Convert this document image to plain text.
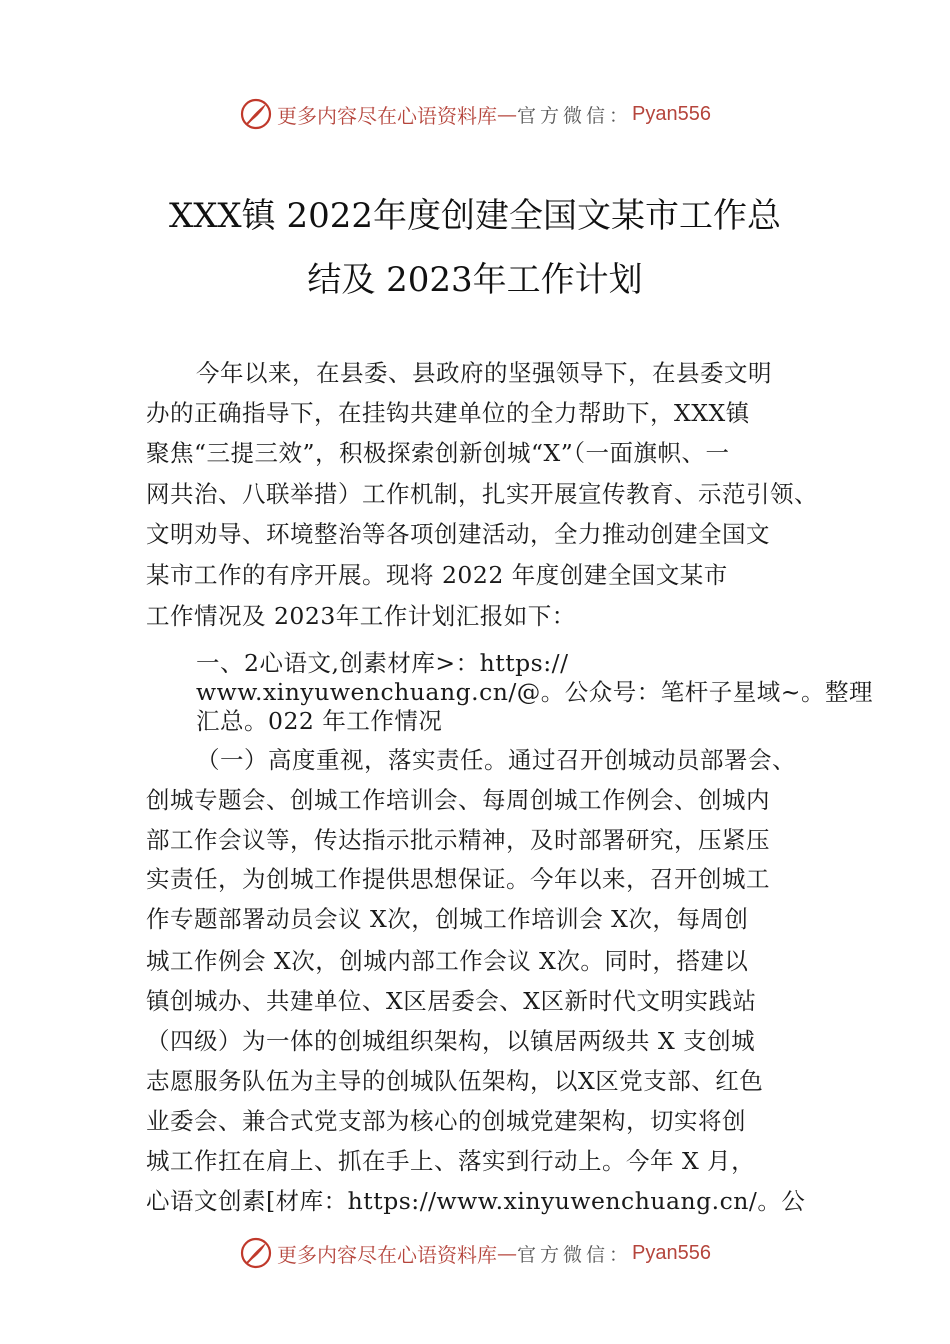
更多内容尽在心语资料库 — 官方微信： Pyan556
XXX镇 2022年度创建全国文某市工作总
结及 2023年工作计划
今年以来，在县委、县政府的坚强领导下，在县委文明
办的正确指导下，在挂钩共建单位的全力帮助下，XXX镇
聚焦“三提三效”，积极探索创新创城“X”（一面旗帜、一
网共治、八联举措）工作机制，扎实开展宣传教育、示范引领、
文明劝导、环境整治等各项创建活动，全力推动创建全国文
某市工作的有序开展。现将 2022 年度创建全国文某市
工作情况及 2023年工作计划汇报如下：
一、2心语文,创素材库>：https://
www.xinyuwenchuang.cn/@。公众号：笔杆子星域~。整理
汇总。022 年工作情况
（一）高度重视，落实责任。通过召开创城动员部署会、
创城专题会、创城工作培训会、每周创城工作例会、创城内
部工作会议等，传达指示批示精神，及时部署研究，压紧压
实责任，为创城工作提供思想保证。今年以来，召开创城工
作专题部署动员会议 X次，创城工作培训会 X次，每周创
城工作例会 X次，创城内部工作会议 X次。同时，搭建以
镇创城办、共建单位、X区居委会、X区新时代文明实践站
（四级）为一体的创城组织架构，以镇居两级共 X 支创城
志愿服务队伍为主导的创城队伍架构，以X区党支部、红色
业委会、兼合式党支部为核心的创城党建架构，切实将创
城工作扛在肩上、抓在手上、落实到行动上。今年 X 月，
心语文创素[材库：https://www.xinyuwenchuang.cn/。公
更多内容尽在心语资料库 — 官方微信： Pyan556
